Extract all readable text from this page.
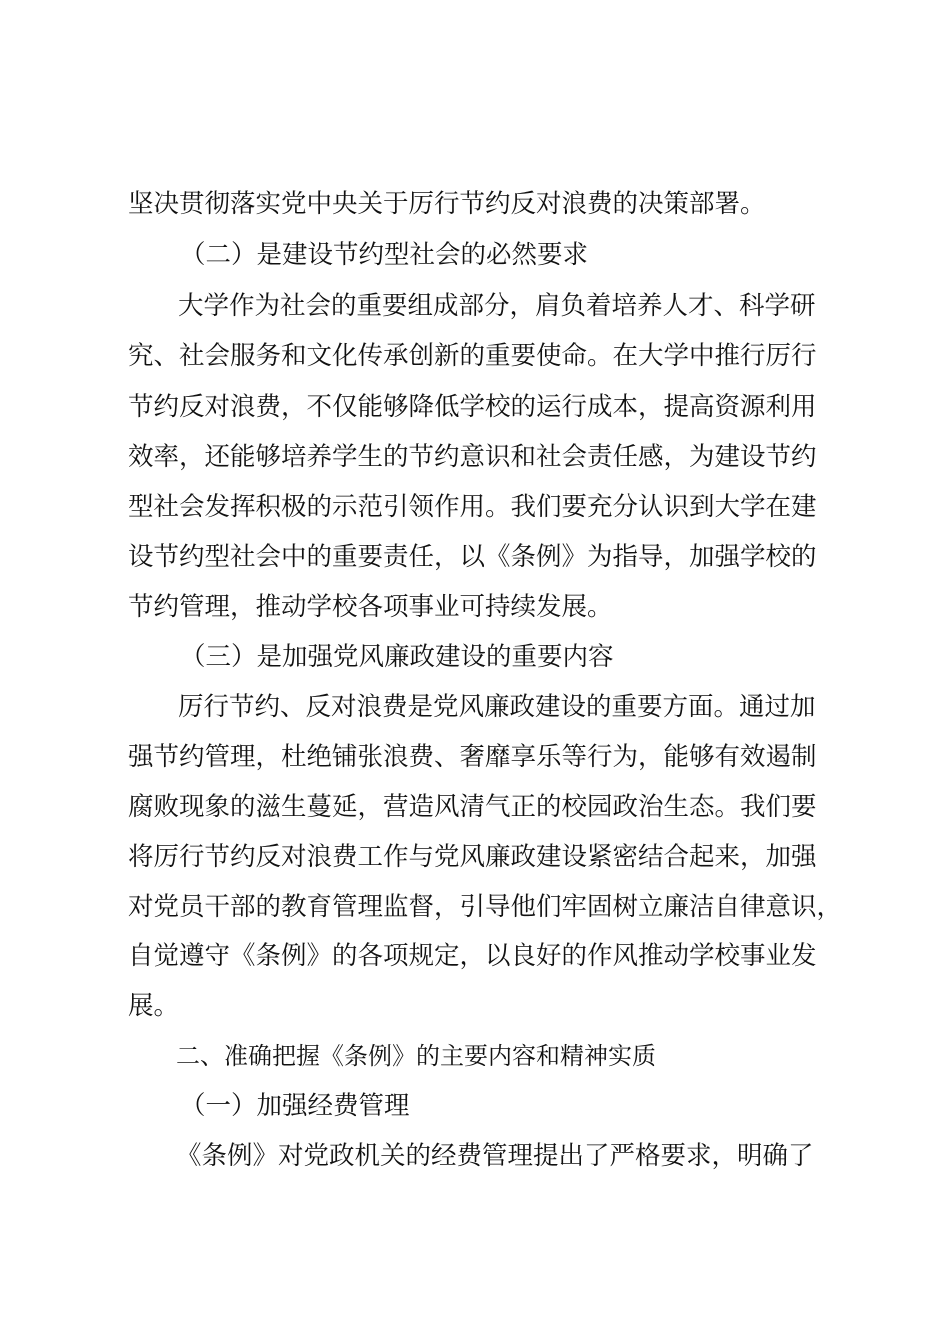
坚决贯彻落实党中央关于厉行节约反对浪费的决策部署。
（二）是建设节约型社会的必然要求
大学作为社会的重要组成部分，肩负着培养人才、科学研
究、社会服务和文化传承创新的重要使命。在大学中推行厉行
节约反对浪费，不仅能够降低学校的运行成本，提高资源利用
效率，还能够培养学生的节约意识和社会责任感，为建设节约
型社会发挥积极的示范引领作用。我们要充分认识到大学在建
设节约型社会中的重要责任，以《条例》为指导，加强学校的
节约管理，推动学校各项事业可持续发展。
（三）是加强党风廉政建设的重要内容
厉行节约、反对浪费是党风廉政建设的重要方面。通过加
强节约管理，杜绝铺张浪费、奢靡享乐等行为，能够有效遏制
腐败现象的滋生蔓延，营造风清气正的校园政治生态。我们要
将厉行节约反对浪费工作与党风廉政建设紧密结合起来，加强
对党员干部的教育管理监督，引导他们牢固树立廉洁自律意识，
自觉遵守《条例》的各项规定，以良好的作风推动学校事业发
展。
二、准确把握《条例》的主要内容和精神实质
（一）加强经费管理
《条例》对党政机关的经费管理提出了严格要求，明确了
